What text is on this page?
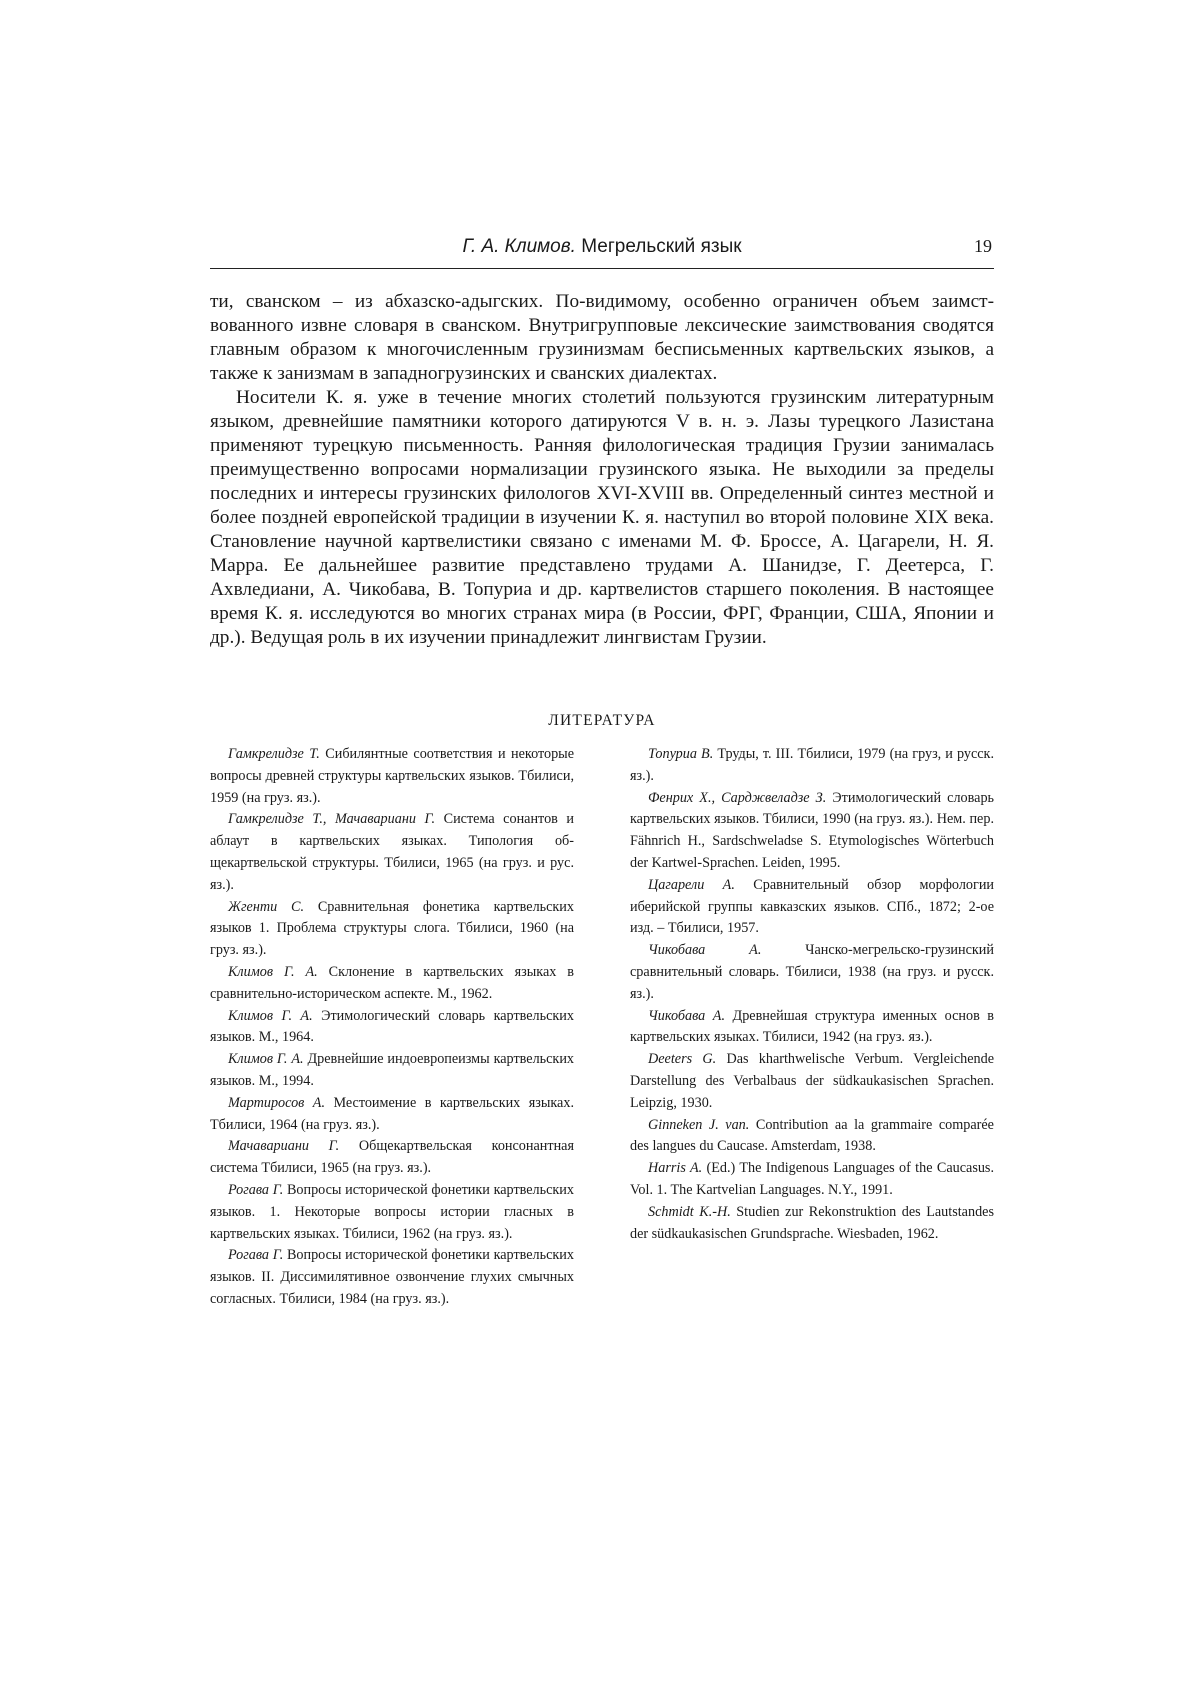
Г. А. Климов. Мегрельский язык	19

ти, сванском – из абхазско-адыгских. По-видимому, особенно ограничен объем заимствованного извне словаря в сванском. Внутригрупповые лексические заимствования сводятся главным образом к многочисленным грузинизмам бесписьменных картвельских языков, а также к занизмам в западногрузинских и сванских диалектах.

Носители К. я. уже в течение многих столетий пользуются грузинским литературным языком, древнейшие памятники которого датируются V в. н. э. Лазы турецкого Лазистана применяют турецкую письменность. Ранняя филологическая традиция Грузии занималась преимущественно вопросами нормализации грузинского языка. Не выходили за пределы последних и интересы грузинских филологов XVI-XVIII вв. Определенный синтез местной и более поздней европейской традиции в изучении К. я. наступил во второй половине XIX века. Становление научной картвелистики связано с именами М. Ф. Броссе, А. Цагарели, Н. Я. Марра. Ее дальнейшее развитие представлено трудами А. Шанидзе, Г. Деетерса, Г. Ахвледиани, А. Чикобава, В. Топуриа и др. картвелистов старшего поколения. В настоящее время К. я. исследуются во многих странах мира (в России, ФРГ, Франции, США, Японии и др.). Ведущая роль в их изучении принадлежит лингвистам Грузии.

ЛИТЕРАТУРА

Гамкрелидзе Т. Сибилянтные соответствия и некоторые вопросы древней структуры картвельских языков. Тбилиси, 1959 (на груз. яз.).

Гамкрелидзе Т., Мачавариани Г. Система сонантов и аблаут в картвельских языках. Типология общекартвельской структуры. Тбилиси, 1965 (на груз. и рус. яз.).

Жгенти С. Сравнительная фонетика картвельских языков 1. Проблема структуры слога. Тбилиси, 1960 (на груз. яз.).

Климов Г. А. Склонение в картвельских языках в сравнительно-историческом аспекте. М., 1962.

Климов Г. А. Этимологический словарь картвельских языков. М., 1964.

Климов Г. А. Древнейшие индоевропеизмы картвельских языков. М., 1994.

Мартиросов А. Местоимение в картвельских языках. Тбилиси, 1964 (на груз. яз.).

Мачавариани Г. Общекартвельская консонантная система Тбилиси, 1965 (на груз. яз.).

Рогава Г. Вопросы исторической фонетики картвельских языков. 1. Некоторые вопросы истории гласных в картвельских языках. Тбилиси, 1962 (на груз. яз.).

Рогава Г. Вопросы исторической фонетики картвельских языков. II. Диссимилятивное озвончение глухих смычных согласных. Тбилиси, 1984 (на груз. яз.).

Топуриа В. Труды, т. III. Тбилиси, 1979 (на груз, и русск. яз.).

Фенрих X., Сарджвеладзе З. Этимологический словарь картвельских языков. Тбилиси, 1990 (на груз. яз.). Нем. пер. Fähnrich H., Sardschweladse S. Etymologisches Wörterbuch der Kartwel-Sprachen. Leiden, 1995.

Цагарели А. Сравнительный обзор морфологии иберийской группы кавказских языков. СПб., 1872; 2-ое изд. – Тбилиси, 1957.

Чикобава А. Чанско-мегрельско-грузинский сравнительный словарь. Тбилиси, 1938 (на груз. и русск. яз.).

Чикобава А. Древнейшая структура именных основ в картвельских языках. Тбилиси, 1942 (на груз. яз.).

Deeters G. Das kharthwelische Verbum. Vergleichende Darstellung des Verbalbaus der südkaukasischen Sprachen. Leipzig, 1930.

Ginneken J. van. Contribution aa la grammaire comparée des langues du Caucase. Amsterdam, 1938.

Harris A. (Ed.) The Indigenous Languages of the Caucasus. Vol. 1. The Kartvelian Languages. N.Y., 1991.

Schmidt K.-H. Studien zur Rekonstruktion des Lautstandes der südkaukasischen Grundsprache. Wiesbaden, 1962.
